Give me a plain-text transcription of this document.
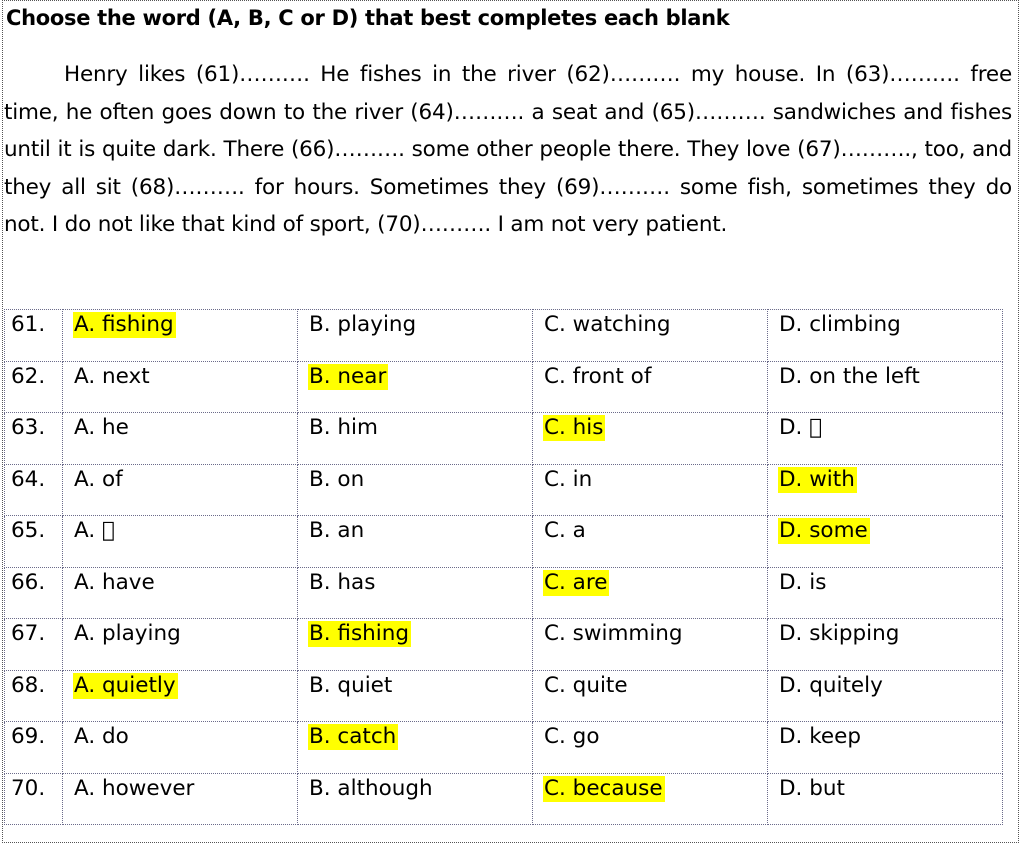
Choose the word (A, B, C or D) that best completes each blank
Henry likes (61)………. He fishes in the river (62)………. my house. In (63)………. free time, he often goes down to the river (64)………. a seat and (65)………. sandwiches and fishes until it is quite dark. There (66)………. some other people there. They love (67)………., too, and they all sit (68)………. for hours. Sometimes they (69)………. some fish, sometimes they do not. I do not like that kind of sport, (70)………. I am not very patient.
61.	A. fishing	B. playing	C. watching	D. climbing
62.	A. next	B. near	C. front of	D. on the left
63.	A. he	B. him	C. his	D. ⃠
64.	A. of	B. on	C. in	D. with
65.	A. ⃠	B. an	C. a	D. some
66.	A. have	B. has	C. are	D. is
67.	A. playing	B. fishing	C. swimming	D. skipping
68.	A. quietly	B. quiet	C. quite	D. quitely
69.	A. do	B. catch	C. go	D. keep
70.	A. however	B. although	C. because	D. but
